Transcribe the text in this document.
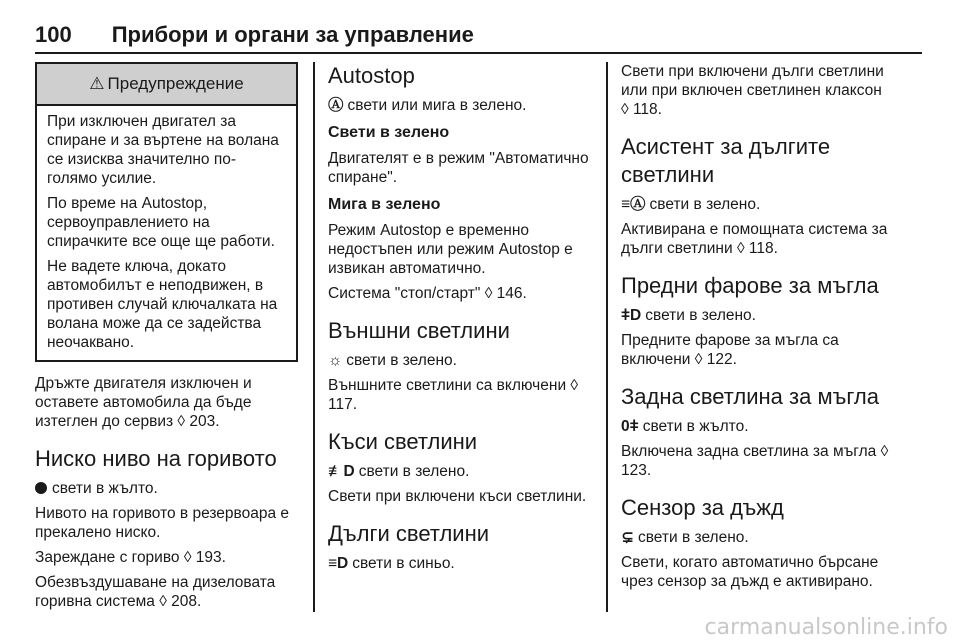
100 Прибори и органи за управление
⚠ Предупреждение

При изключен двигател за спиране и за въртене на волана се изисква значително по-голямо усилие.

По време на Autostop, сервоуправлението на спирачките все още ще работи.

Не вадете ключа, докато автомобилът е неподвижен, в противен случай ключалката на волана може да се задейства неочаквано.

Дръжте двигателя изключен и оставете автомобила да бъде изтеглен до сервиз ◊ 203.

Ниско ниво на горивото

свети в жълто.

Нивото на горивото в резервоара е прекалено ниско.

Зареждане с гориво ◊ 193.

Обезвъздушаване на дизеловата горивна система ◊ 208.

Autostop

Ⓐ свети или мига в зелено.

Свети в зелено

Двигателят е в режим "Автоматично спиране".

Мига в зелено

Режим Autostop е временно недостъпен или режим Autostop е извикан автоматично.

Система "стоп/старт" ◊ 146.

Външни светлини

☼ свети в зелено.

Външните светлини са включени ◊ 117.

Къси светлини

≢D свети в зелено.

Свети при включени къси светлини.

Дълги светлини

≡D свети в синьо.

Свети при включени дълги светлини или при включен светлинен клаксон ◊ 118.

Асистент за дългите светлини

≡Ⓐ свети в зелено.

Активирана е помощната система за дълги светлини ◊ 118.

Предни фарове за мъгла

ǂD свети в зелено.

Предните фарове за мъгла са включени ◊ 122.

Задна светлина за мъгла

0ǂ свети в жълто.

Включена задна светлина за мъгла ◊ 123.

Сензор за дъжд

⊊ свети в зелено.

Свети, когато автоматично бърсане чрез сензор за дъжд е активирано.

carmanualsonline.info
